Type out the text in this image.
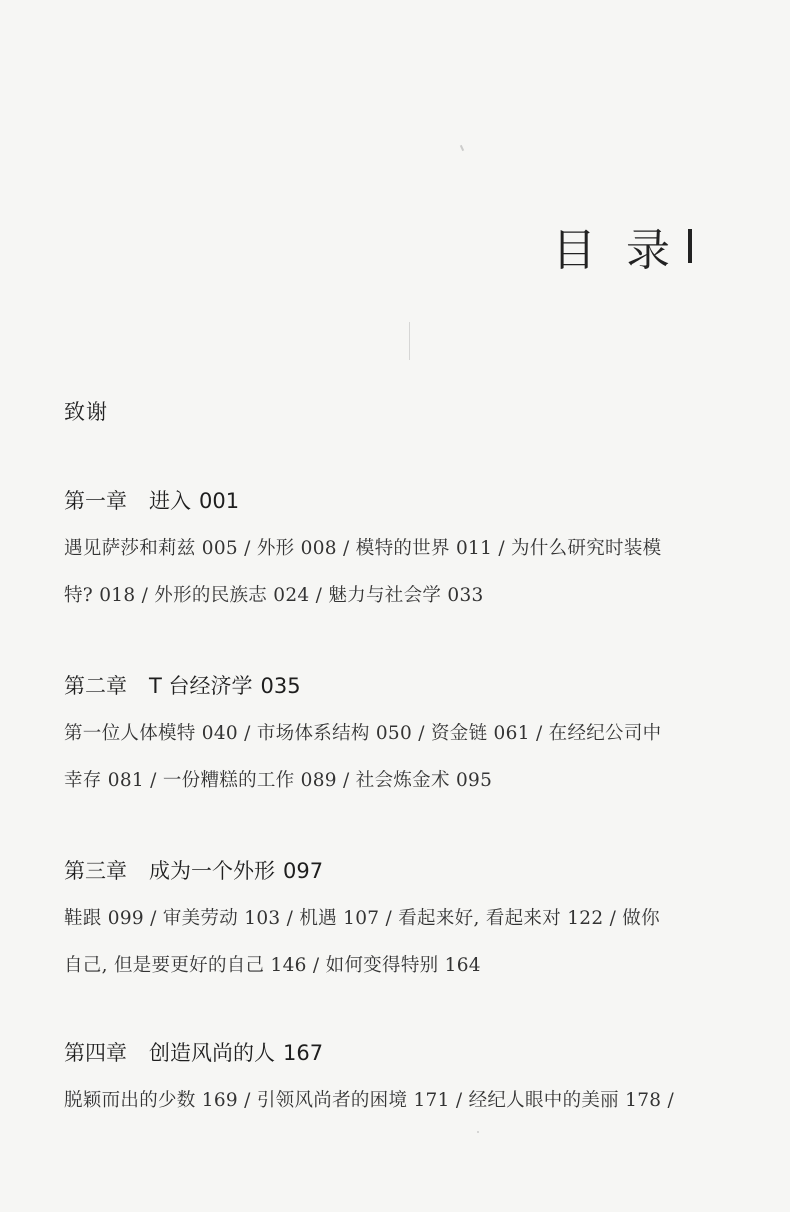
目 录
致谢
第一章 进入 001
遇见萨莎和莉兹 005 / 外形 008 / 模特的世界 011 / 为什么研究时装模
特? 018 / 外形的民族志 024 / 魅力与社会学 033
第二章 T 台经济学 035
第一位人体模特 040 / 市场体系结构 050 / 资金链 061 / 在经纪公司中
幸存 081 / 一份糟糕的工作 089 / 社会炼金术 095
第三章 成为一个外形 097
鞋跟 099 / 审美劳动 103 / 机遇 107 / 看起来好, 看起来对 122 / 做你
自己, 但是要更好的自己 146 / 如何变得特别 164
第四章 创造风尚的人 167
脱颖而出的少数 169 / 引领风尚者的困境 171 / 经纪人眼中的美丽 178 /
